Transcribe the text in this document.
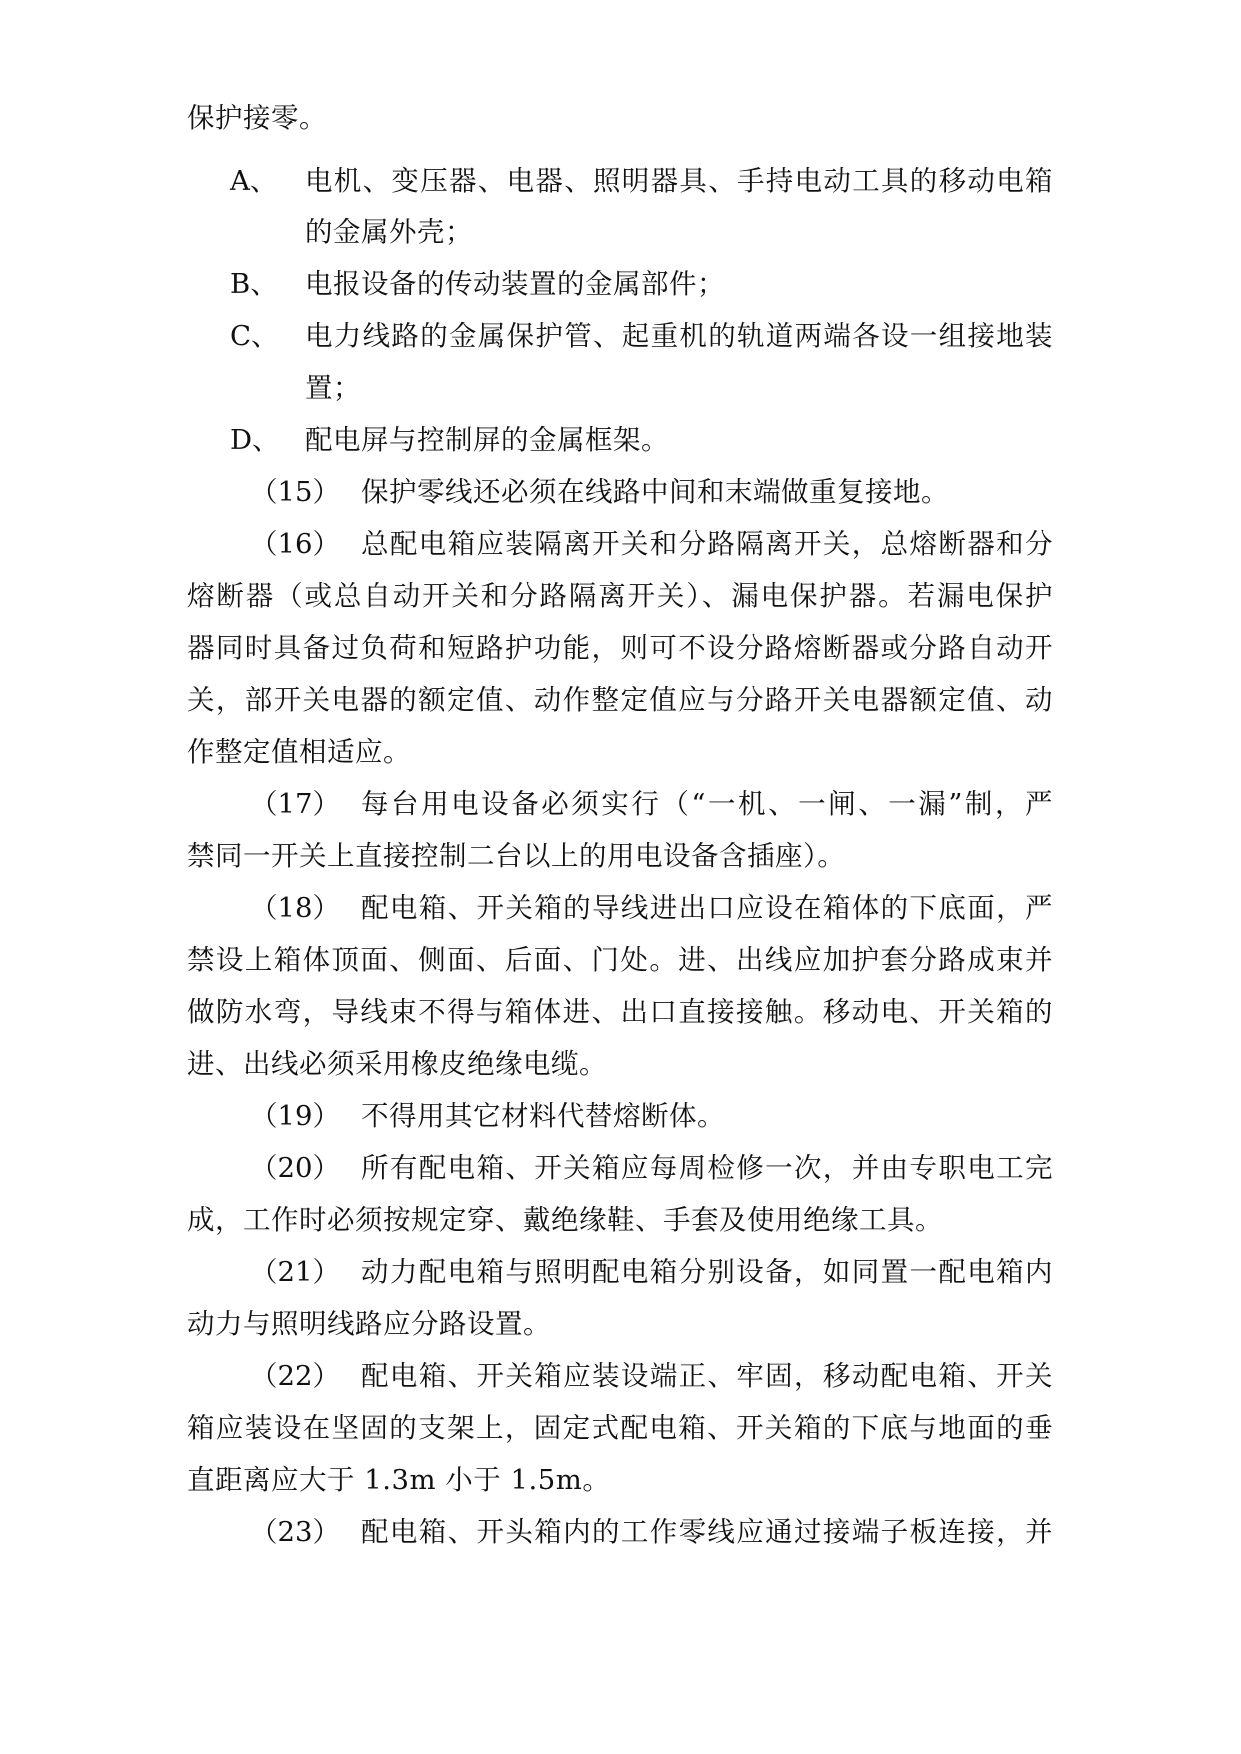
保护接零。
A、 电机、变压器、电器、照明器具、手持电动工具的移动电箱
的金属外壳；
B、 电报设备的传动装置的金属部件；
C、 电力线路的金属保护管、起重机的轨道两端各设一组接地装
置；
D、 配电屏与控制屏的金属框架。
（15） 保护零线还必须在线路中间和末端做重复接地。
（16） 总配电箱应装隔离开关和分路隔离开关，总熔断器和分
熔断器（或总自动开关和分路隔离开关）、漏电保护器。若漏电保护
器同时具备过负荷和短路护功能，则可不设分路熔断器或分路自动开
关，部开关电器的额定值、动作整定值应与分路开关电器额定值、动
作整定值相适应。
（17） 每台用电设备必须实行（“一机、一闸、一漏”制，严
禁同一开关上直接控制二台以上的用电设备含插座）。
（18） 配电箱、开关箱的导线进出口应设在箱体的下底面，严
禁设上箱体顶面、侧面、后面、门处。进、出线应加护套分路成束并
做防水弯，导线束不得与箱体进、出口直接接触。移动电、开关箱的
进、出线必须采用橡皮绝缘电缆。
（19） 不得用其它材料代替熔断体。
（20） 所有配电箱、开关箱应每周检修一次，并由专职电工完
成，工作时必须按规定穿、戴绝缘鞋、手套及使用绝缘工具。
（21） 动力配电箱与照明配电箱分别设备，如同置一配电箱内
动力与照明线路应分路设置。
（22） 配电箱、开关箱应装设端正、牢固，移动配电箱、开关
箱应装设在坚固的支架上，固定式配电箱、开关箱的下底与地面的垂
直距离应大于 1.3m 小于 1.5m。
（23） 配电箱、开头箱内的工作零线应通过接端子板连接，并
